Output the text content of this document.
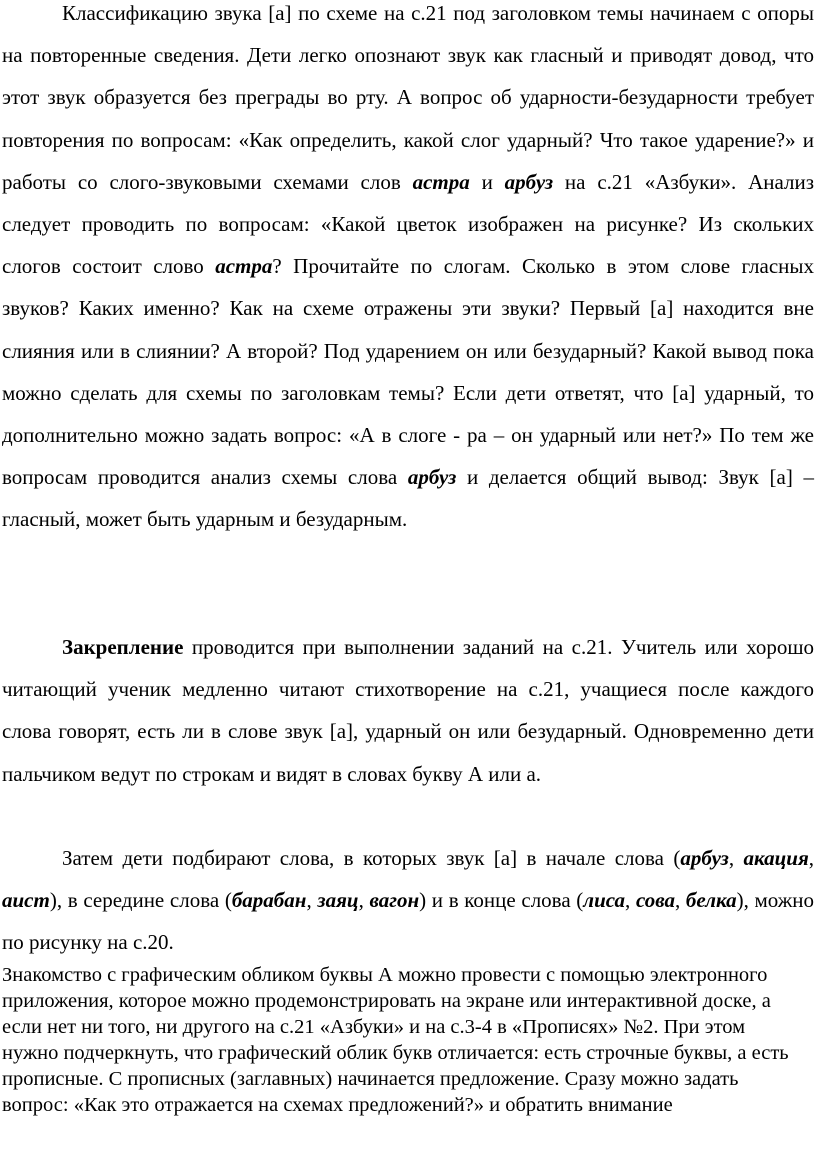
Классификацию звука [а] по схеме на с.21 под заголовком темы начинаем с опоры на повторенные сведения. Дети легко опознают звук как гласный и приводят довод, что этот звук образуется без преграды во рту. А вопрос об ударности-безударности требует повторения по вопросам: «Как определить, какой слог ударный? Что такое ударение?» и работы со слого-звуковыми схемами слов астра и арбуз на с.21 «Азбуки». Анализ следует проводить по вопросам: «Какой цветок изображен на рисунке? Из скольких слогов состоит слово астра? Прочитайте по слогам. Сколько в этом слове гласных звуков? Каких именно? Как на схеме отражены эти звуки? Первый [а] находится вне слияния или в слиянии? А второй? Под ударением он или безударный? Какой вывод пока можно сделать для схемы по заголовкам темы? Если дети ответят, что [а] ударный, то дополнительно можно задать вопрос: «А в слоге - ра – он ударный или нет?» По тем же вопросам проводится анализ схемы слова арбуз и делается общий вывод: Звук [а] – гласный, может быть ударным и безударным.

Закрепление проводится при выполнении заданий на с.21. Учитель или хорошо читающий ученик медленно читают стихотворение на с.21, учащиеся после каждого слова говорят, есть ли в слове звук [а], ударный он или безударный. Одновременно дети пальчиком ведут по строкам и видят в словах букву А или а.

Затем дети подбирают слова, в которых звук [а] в начале слова (арбуз, акация, аист), в середине слова (барабан, заяц, вагон) и в конце слова (лиса, сова, белка), можно по рисунку на с.20.

Знакомство с графическим обликом буквы А можно провести с помощью электронного приложения, которое можно продемонстрировать на экране или интерактивной доске, а если нет ни того, ни другого на с.21 «Азбуки» и на с.3-4 в «Прописях» №2. При этом нужно подчеркнуть, что графический облик букв отличается: есть строчные буквы, а есть прописные. С прописных (заглавных) начинается предложение. Сразу можно задать вопрос: «Как это отражается на схемах предложений?» и обратить внимание
